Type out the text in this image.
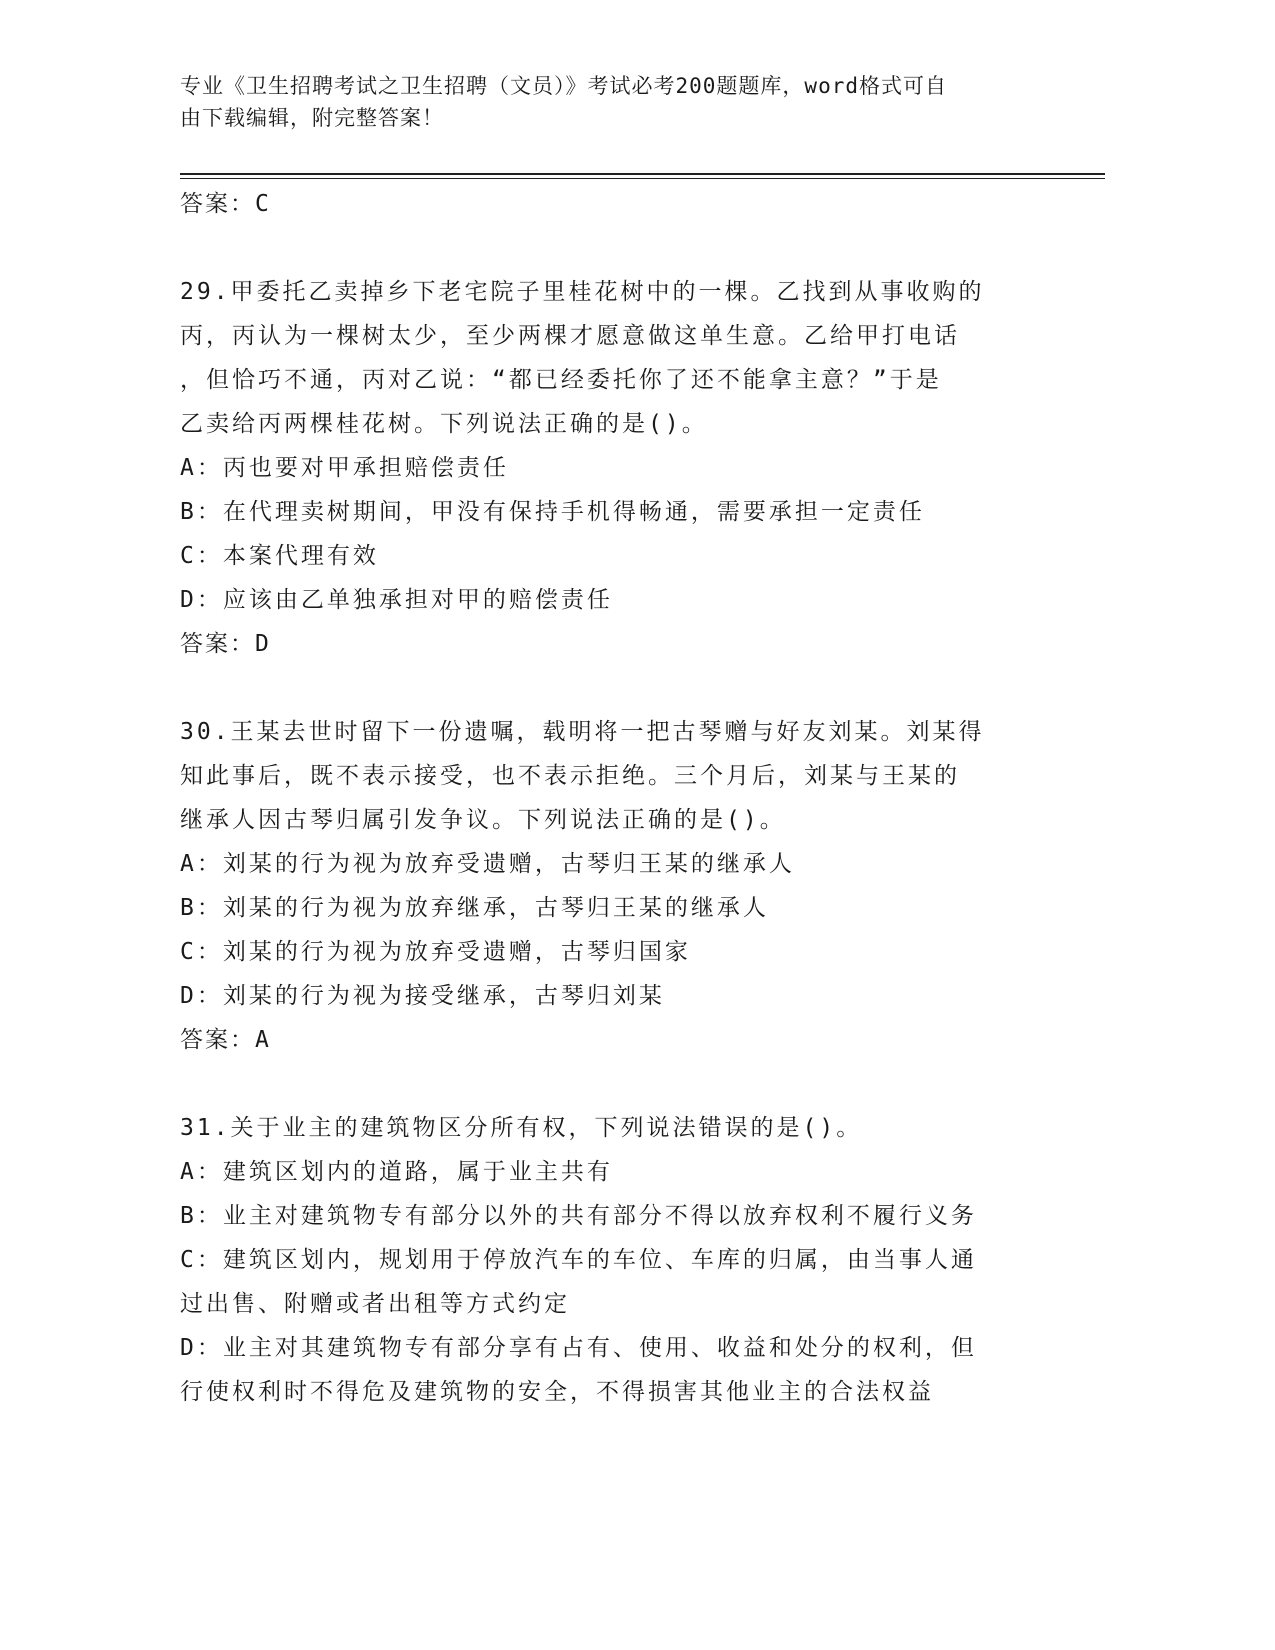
专业《卫生招聘考试之卫生招聘（文员）》考试必考200题题库，word格式可自
由下载编辑，附完整答案！
答案：C
29.甲委托乙卖掉乡下老宅院子里桂花树中的一棵。乙找到从事收购的
丙，丙认为一棵树太少，至少两棵才愿意做这单生意。乙给甲打电话
，但恰巧不通，丙对乙说：“都已经委托你了还不能拿主意？”于是
乙卖给丙两棵桂花树。下列说法正确的是()。
A：丙也要对甲承担赔偿责任
B：在代理卖树期间，甲没有保持手机得畅通，需要承担一定责任
C：本案代理有效
D：应该由乙单独承担对甲的赔偿责任
答案：D
30.王某去世时留下一份遗嘱，载明将一把古琴赠与好友刘某。刘某得
知此事后，既不表示接受，也不表示拒绝。三个月后，刘某与王某的
继承人因古琴归属引发争议。下列说法正确的是()。
A：刘某的行为视为放弃受遗赠，古琴归王某的继承人
B：刘某的行为视为放弃继承，古琴归王某的继承人
C：刘某的行为视为放弃受遗赠，古琴归国家
D：刘某的行为视为接受继承，古琴归刘某
答案：A
31.关于业主的建筑物区分所有权，下列说法错误的是()。
A：建筑区划内的道路，属于业主共有
B：业主对建筑物专有部分以外的共有部分不得以放弃权利不履行义务
C：建筑区划内，规划用于停放汽车的车位、车库的归属，由当事人通
过出售、附赠或者出租等方式约定
D：业主对其建筑物专有部分享有占有、使用、收益和处分的权利，但
行使权利时不得危及建筑物的安全，不得损害其他业主的合法权益
